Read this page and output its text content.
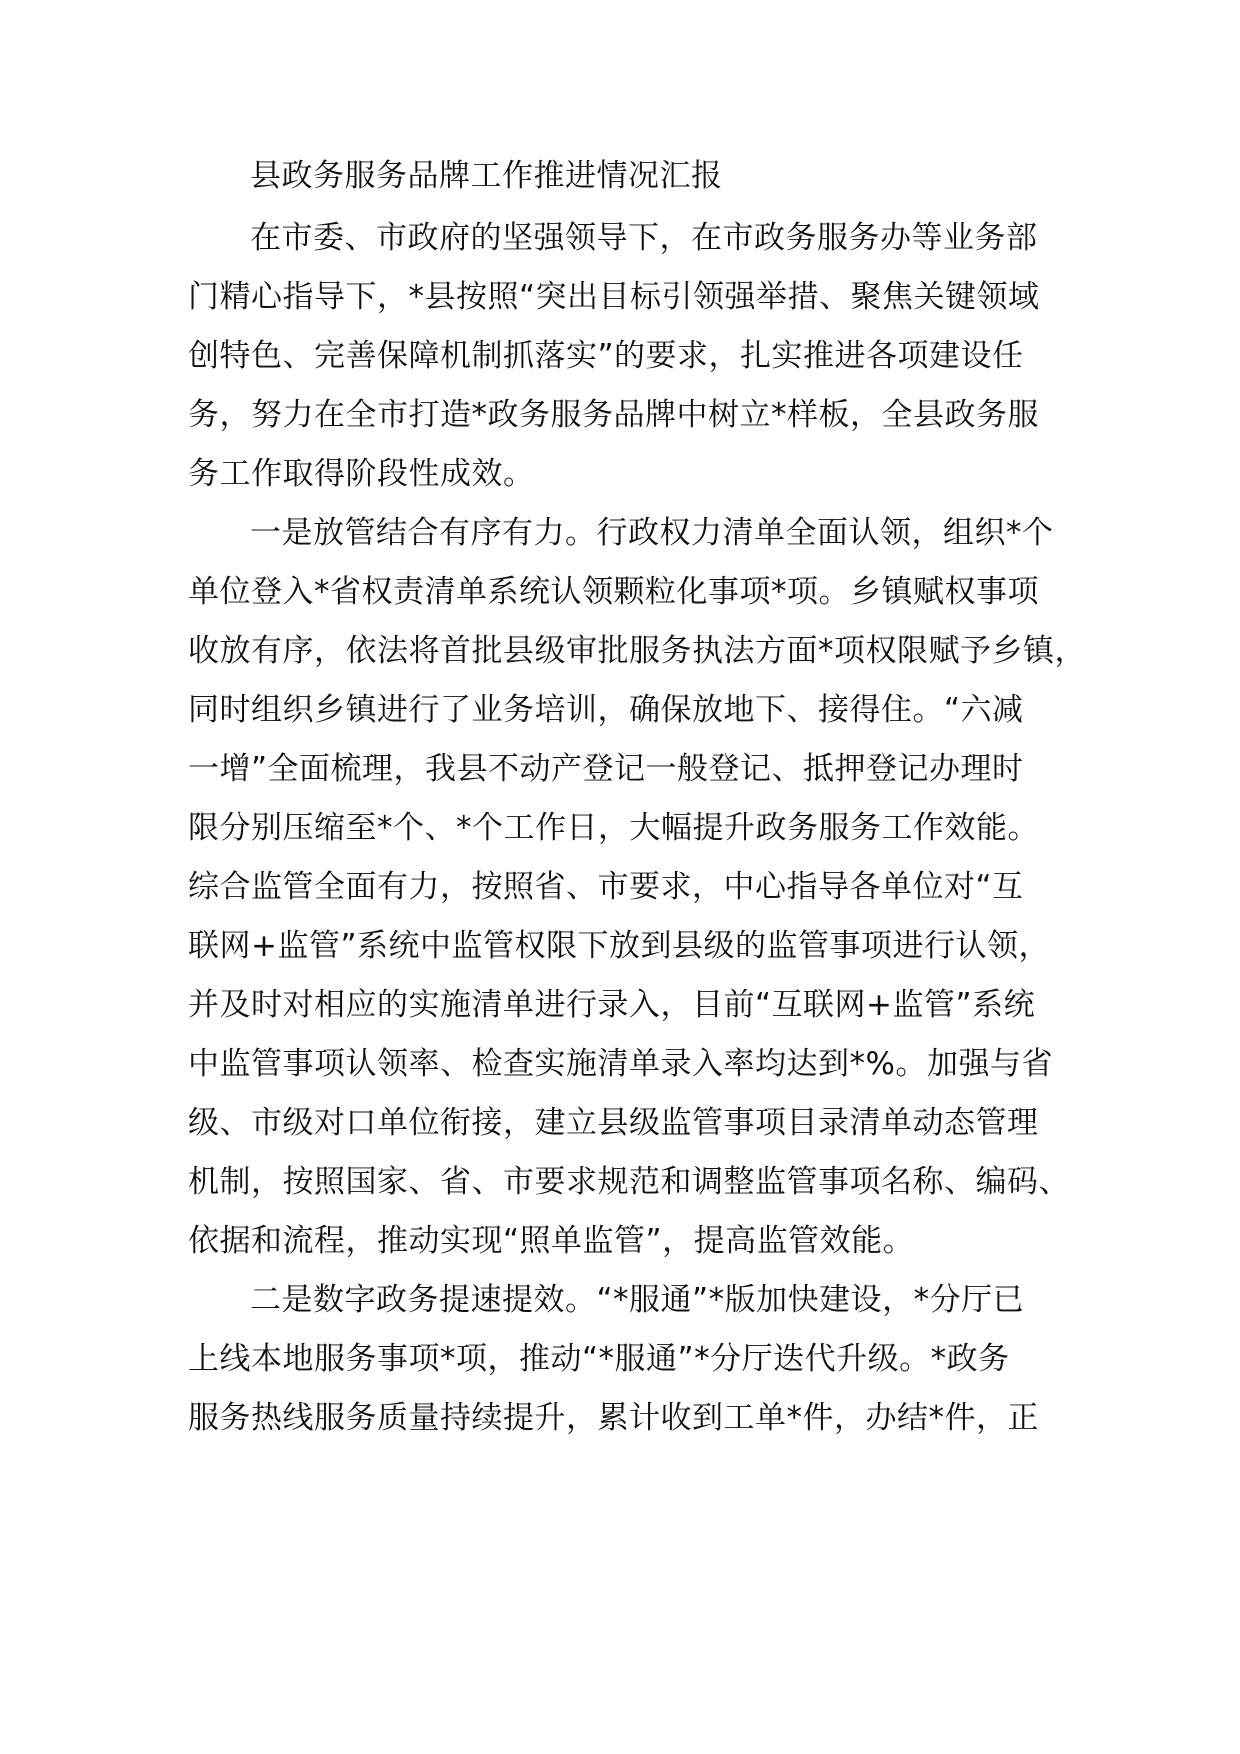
县政务服务品牌工作推进情况汇报
在市委、市政府的坚强领导下，在市政务服务办等业务部
门精心指导下，*县按照“突出目标引领强举措、聚焦关键领域
创特色、完善保障机制抓落实”的要求，扎实推进各项建设任
务，努力在全市打造*政务服务品牌中树立*样板，全县政务服
务工作取得阶段性成效。
一是放管结合有序有力。行政权力清单全面认领，组织*个
单位登入*省权责清单系统认领颗粒化事项*项。乡镇赋权事项
收放有序，依法将首批县级审批服务执法方面*项权限赋予乡镇，
同时组织乡镇进行了业务培训，确保放地下、接得住。“六减
一增”全面梳理，我县不动产登记一般登记、抵押登记办理时
限分别压缩至*个、*个工作日，大幅提升政务服务工作效能。
综合监管全面有力，按照省、市要求，中心指导各单位对“互
联网+监管”系统中监管权限下放到县级的监管事项进行认领，
并及时对相应的实施清单进行录入，目前“互联网+监管”系统
中监管事项认领率、检查实施清单录入率均达到*%。加强与省
级、市级对口单位衔接，建立县级监管事项目录清单动态管理
机制，按照国家、省、市要求规范和调整监管事项名称、编码、
依据和流程，推动实现“照单监管”，提高监管效能。
二是数字政务提速提效。“*服通”*版加快建设，*分厅已
上线本地服务事项*项，推动“*服通”*分厅迭代升级。*政务
服务热线服务质量持续提升，累计收到工单*件，办结*件，正
